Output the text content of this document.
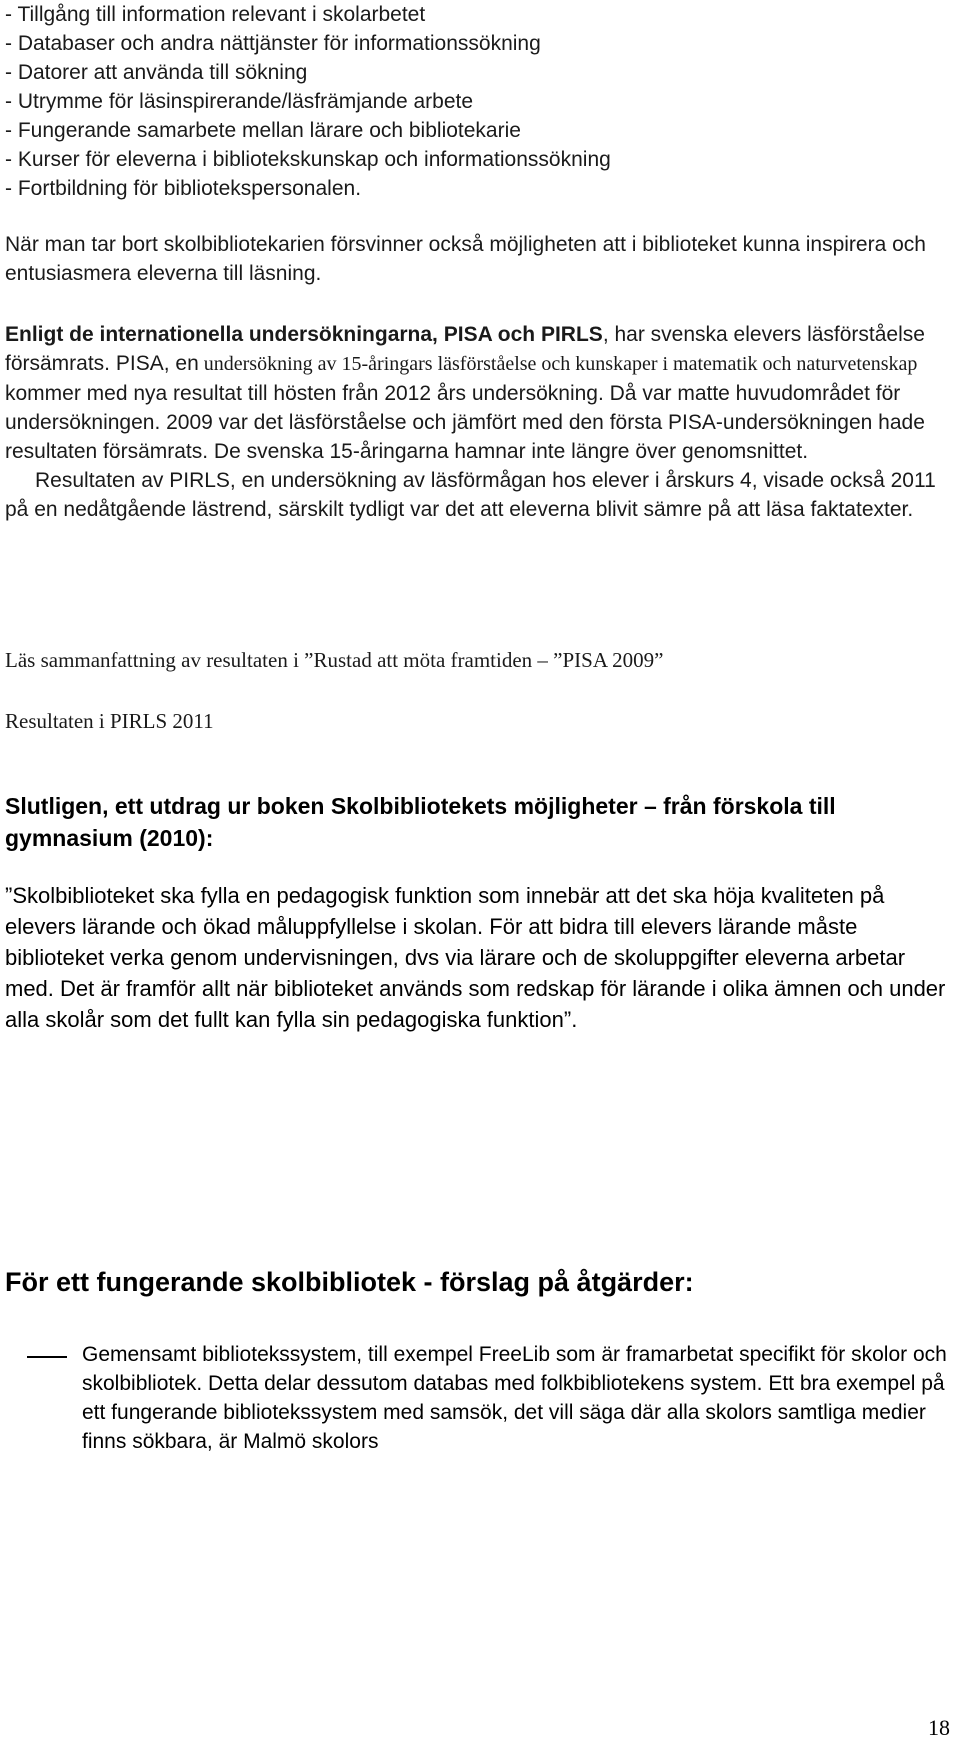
- Tillgång till information relevant i skolarbetet
- Databaser och andra nättjänster för informationssökning
- Datorer att använda till sökning
- Utrymme för läsinspirerande/läsfrämjande arbete
- Fungerande samarbete mellan lärare och bibliotekarie
- Kurser för eleverna i bibliotekskunskap och informationssökning
- Fortbildning för bibliotekspersonalen.

När man tar bort skolbibliotekarien försvinner också möjligheten att i biblioteket kunna inspirera och entusiasmera eleverna till läsning.

Enligt de internationella undersökningarna, PISA och PIRLS, har svenska elevers läsförståelse försämrats. PISA, en undersökning av 15-åringars läsförståelse och kunskaper i matematik och naturvetenskap kommer med nya resultat till hösten från 2012 års undersökning. Då var matte huvudområdet för undersökningen. 2009 var det läsförståelse och jämfört med den första PISA-undersökningen hade resultaten försämrats. De svenska 15-åringarna hamnar inte längre över genomsnittet.
Resultaten av PIRLS, en undersökning av läsförmågan hos elever i årskurs 4, visade också 2011 på en nedåtgående lästrend, särskilt tydligt var det att eleverna blivit sämre på att läsa faktatexter.

Läs sammanfattning av resultaten i ”Rustad att möta framtiden – ”PISA 2009”
Resultaten i PIRLS 2011
Slutligen, ett utdrag ur boken Skolbibliotekets möjligheter – från förskola till gymnasium (2010):

”Skolbiblioteket ska fylla en pedagogisk funktion som innebär att det ska höja kvaliteten på elevers lärande och ökad måluppfyllelse i skolan. För att bidra till elevers lärande måste biblioteket verka genom undervisningen, dvs via lärare och de skoluppgifter eleverna arbetar med. Det är framför allt när biblioteket används som redskap för lärande i olika ämnen och under alla skolår som det fullt kan fylla sin pedagogiska funktion”.

För ett fungerande skolbibliotek - förslag på åtgärder:

Gemensamt bibliotekssystem, till exempel FreeLib som är framarbetat specifikt för skolor och skolbibliotek. Detta delar dessutom databas med folkbibliotekens system. Ett bra exempel på ett fungerande bibliotekssystem med samsök, det vill säga där alla skolors samtliga medier finns sökbara, är Malmö skolors

18
